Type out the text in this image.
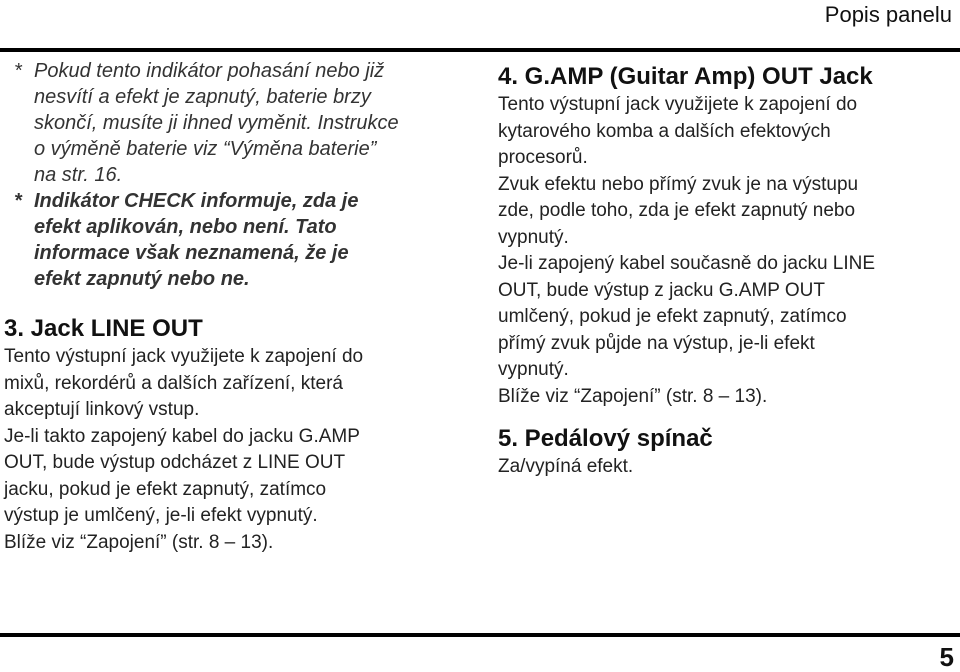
Popis panelu
* Pokud tento indikátor pohasání nebo již
nesvítí a efekt je zapnutý, baterie brzy
skončí, musíte ji ihned vyměnit. Instrukce
o výměně baterie viz “Výměna baterie”
na str. 16.
* Indikátor CHECK informuje, zda je
efekt aplikován, nebo není. Tato
informace však neznamená, že je
efekt zapnutý nebo ne.
3. Jack LINE OUT
Tento výstupní jack využijete k zapojení do
mixů, rekordérů a dalších zařízení, která
akceptují linkový vstup.
Je-li takto zapojený kabel do jacku G.AMP
OUT, bude výstup odcházet z LINE OUT
jacku, pokud je efekt zapnutý, zatímco
výstup je umlčený, je-li efekt vypnutý.
Blíže viz “Zapojení” (str. 8 – 13).
4. G.AMP (Guitar Amp) OUT Jack
Tento výstupní jack využijete k zapojení do
kytarového komba a dalších efektových
procesorů.
Zvuk efektu nebo přímý zvuk je na výstupu
zde, podle toho, zda je efekt zapnutý nebo
vypnutý.
Je-li zapojený kabel současně do jacku LINE
OUT, bude výstup z jacku G.AMP OUT
umlčený, pokud je efekt zapnutý, zatímco
přímý zvuk půjde na výstup, je-li efekt
vypnutý.
Blíže viz “Zapojení” (str. 8 – 13).
5. Pedálový spínač
Za/vypíná efekt.
5
